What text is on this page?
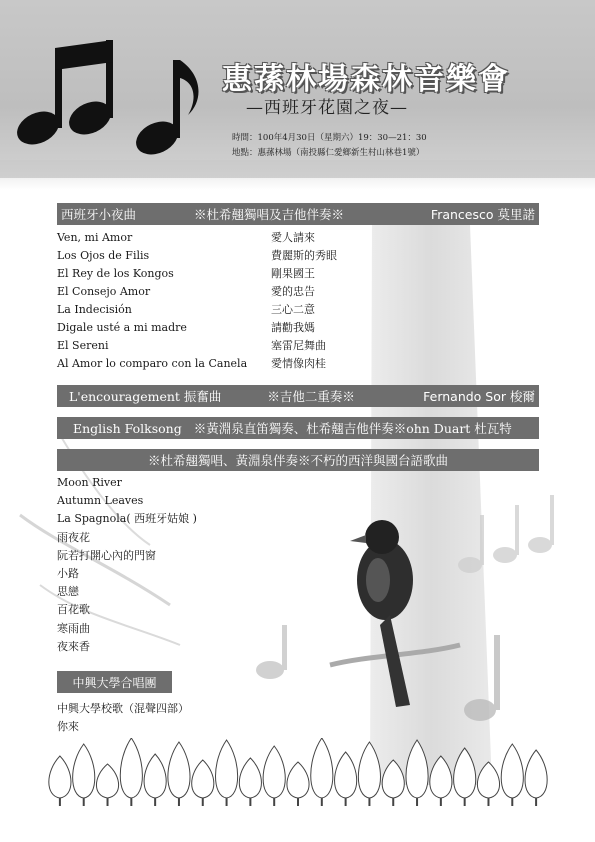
惠蓀林場森林音樂會

—西班牙花園之夜—

時間：100年4月30日（星期六）19：30—21：30
地點：惠蓀林場（南投縣仁愛鄉新生村山林巷1號）
西班牙小夜曲	※杜希翹獨唱及吉他伴奏※	Francesco 莫里諾
Ven, mi Amor	愛人請來
Los Ojos de Filis	費麗斯的秀眼
El Rey de los Kongos	剛果國王
El Consejo Amor	愛的忠告
La Indecisión	三心二意
Digale usté a mi madre	請勸我媽
El Sereni	塞雷尼舞曲
Al Amor lo comparo con la Canela	愛情像肉桂
L'encouragement 振奮曲	※吉他二重奏※	Fernando Sor 梭爾
English Folksong ※黃淵泉直笛獨奏、杜希翹吉他伴奏※ohn Duart 杜瓦特
※杜希翹獨唱、黃淵泉伴奏※不朽的西洋與國台語歌曲
Moon River
Autumn Leaves
La Spagnola( 西班牙姑娘 )
雨夜花
阮若打開心內的門窗
小路
思戀
百花歌
寒雨曲
夜來香
中興大學合唱團
中興大學校歌（混聲四部）
你來
